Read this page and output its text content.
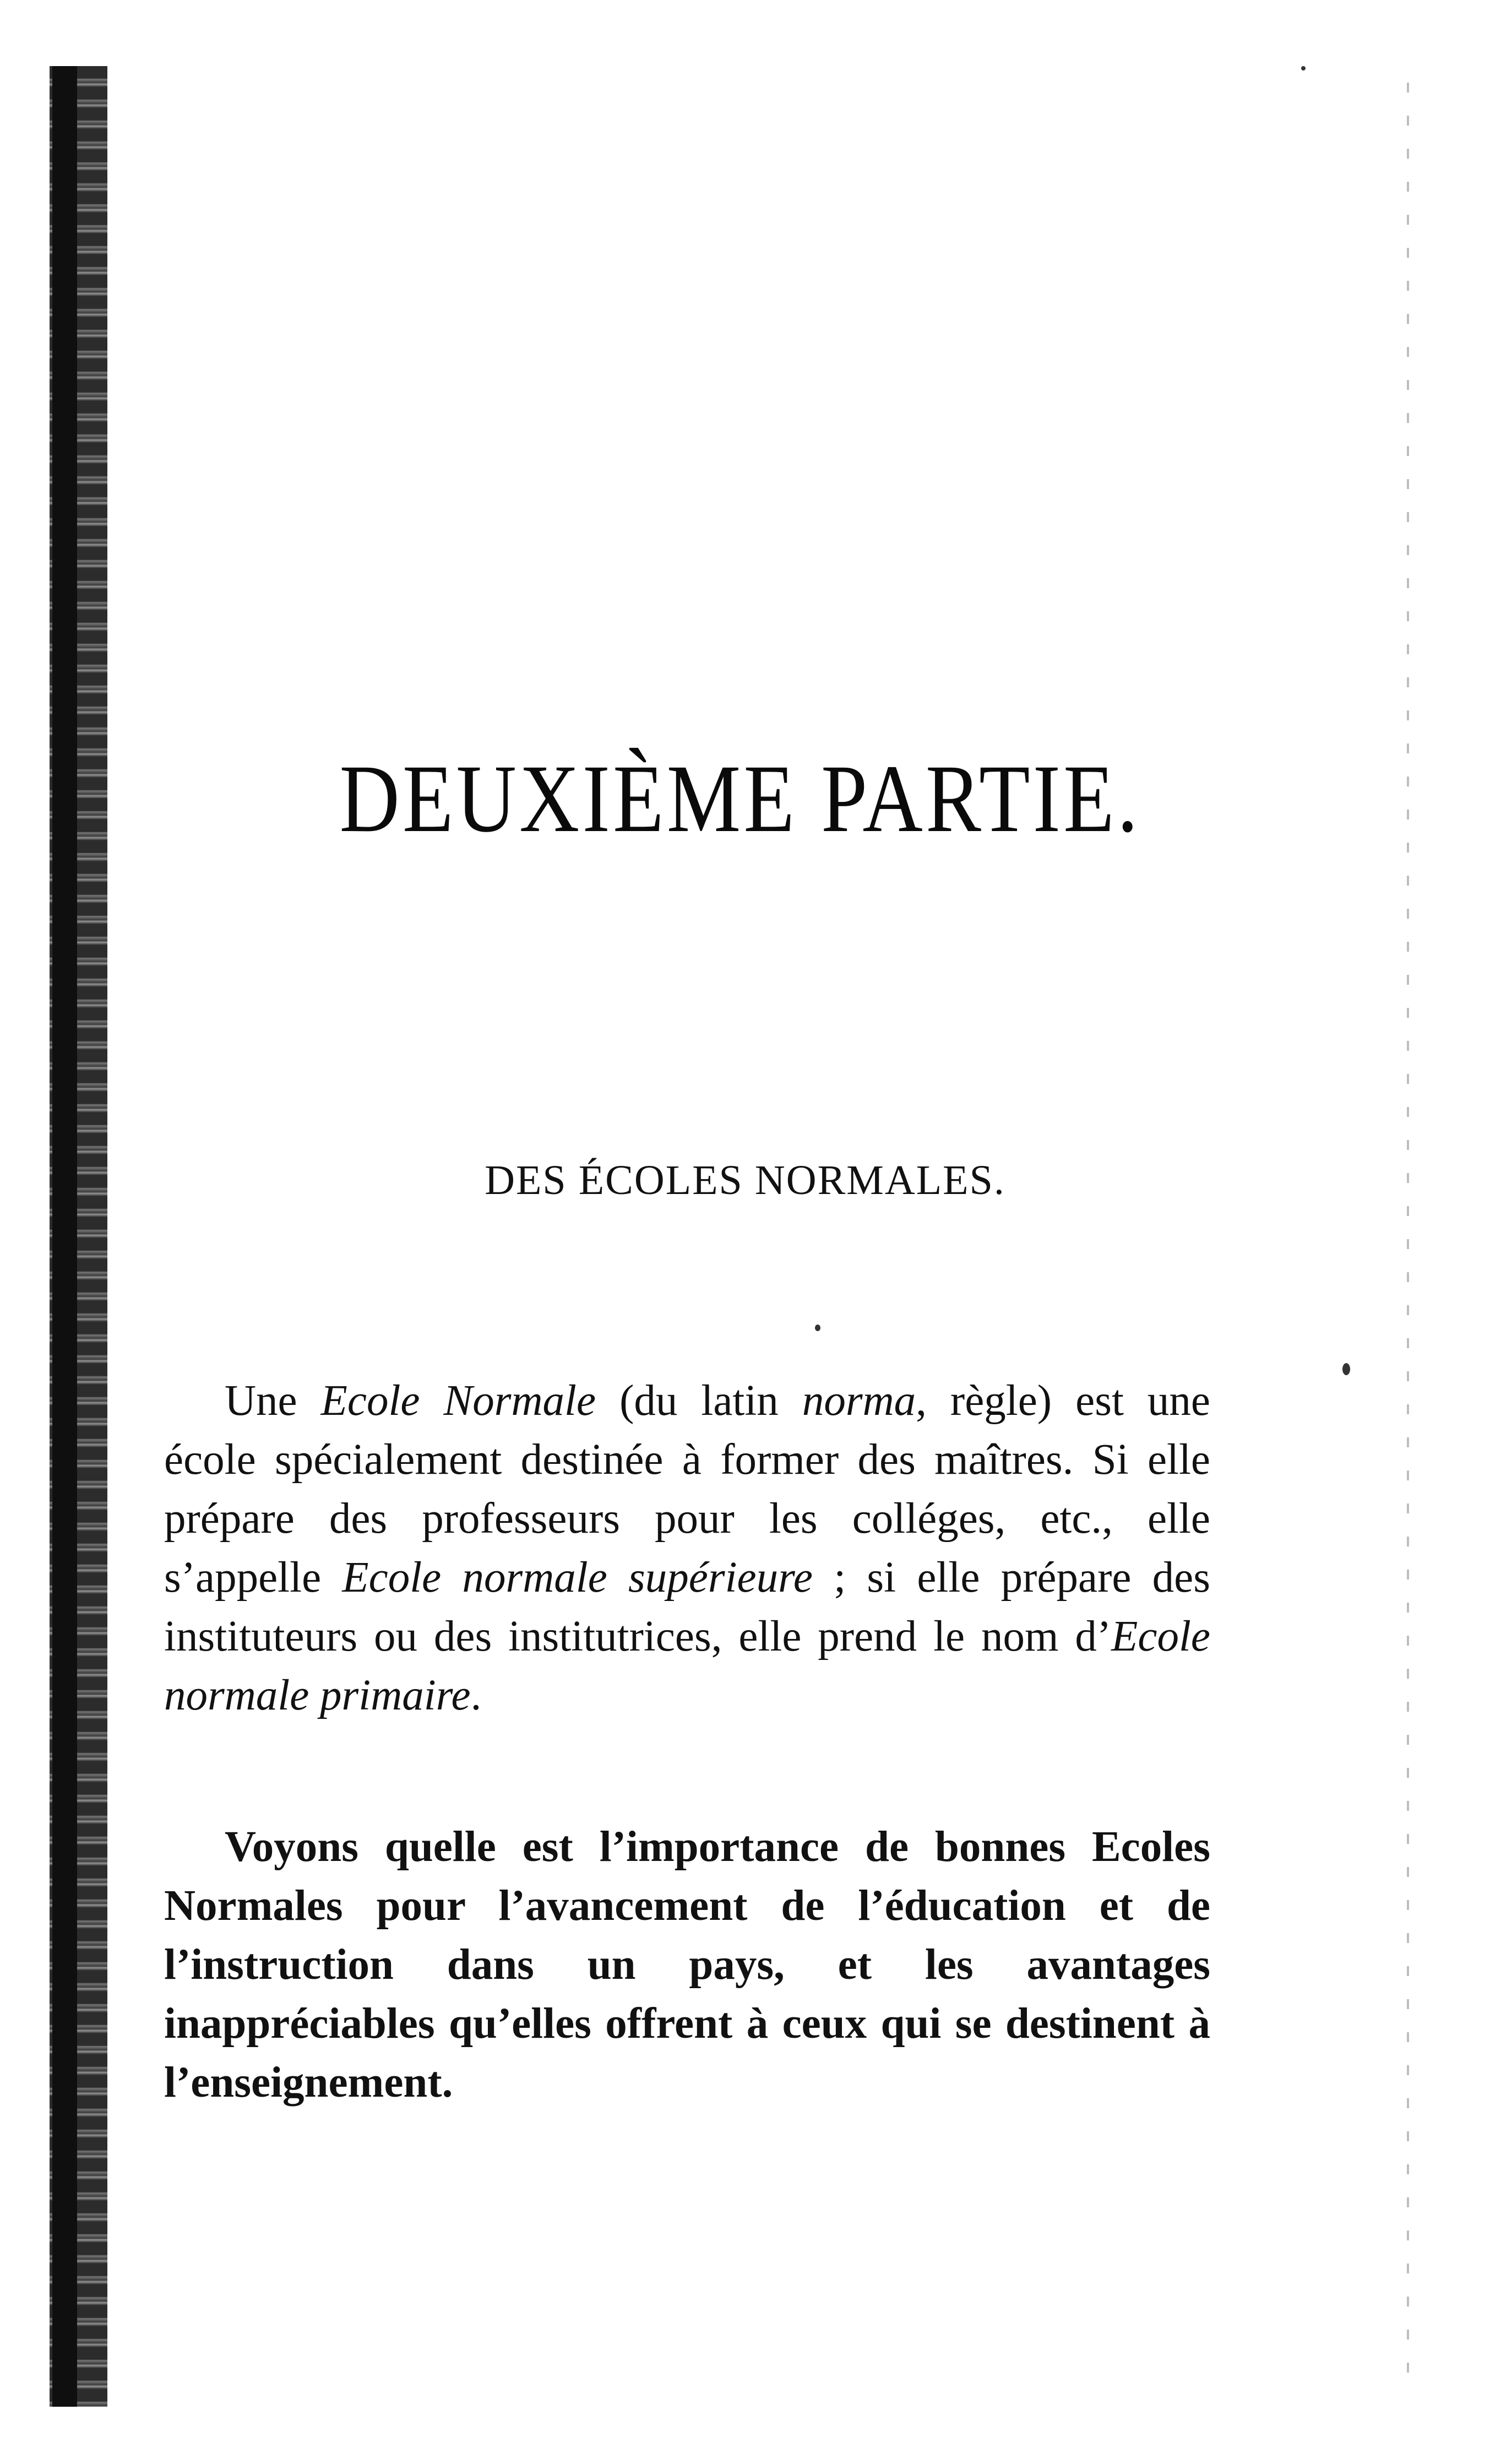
DEUXIÈME PARTIE.
DES ÉCOLES NORMALES.
Une Ecole Normale (du latin norma, règle) est une école spécialement destinée à former des maîtres. Si elle prépare des professeurs pour les colléges, etc., elle s’appelle Ecole normale supérieure ; si elle prépare des instituteurs ou des institutrices, elle prend le nom d’Ecole normale primaire.
Voyons quelle est l’importance de bonnes Ecoles Normales pour l’avancement de l’éducation et de l’instruction dans un pays, et les avantages inappréciables qu’elles offrent à ceux qui se destinent à l’enseignement.
